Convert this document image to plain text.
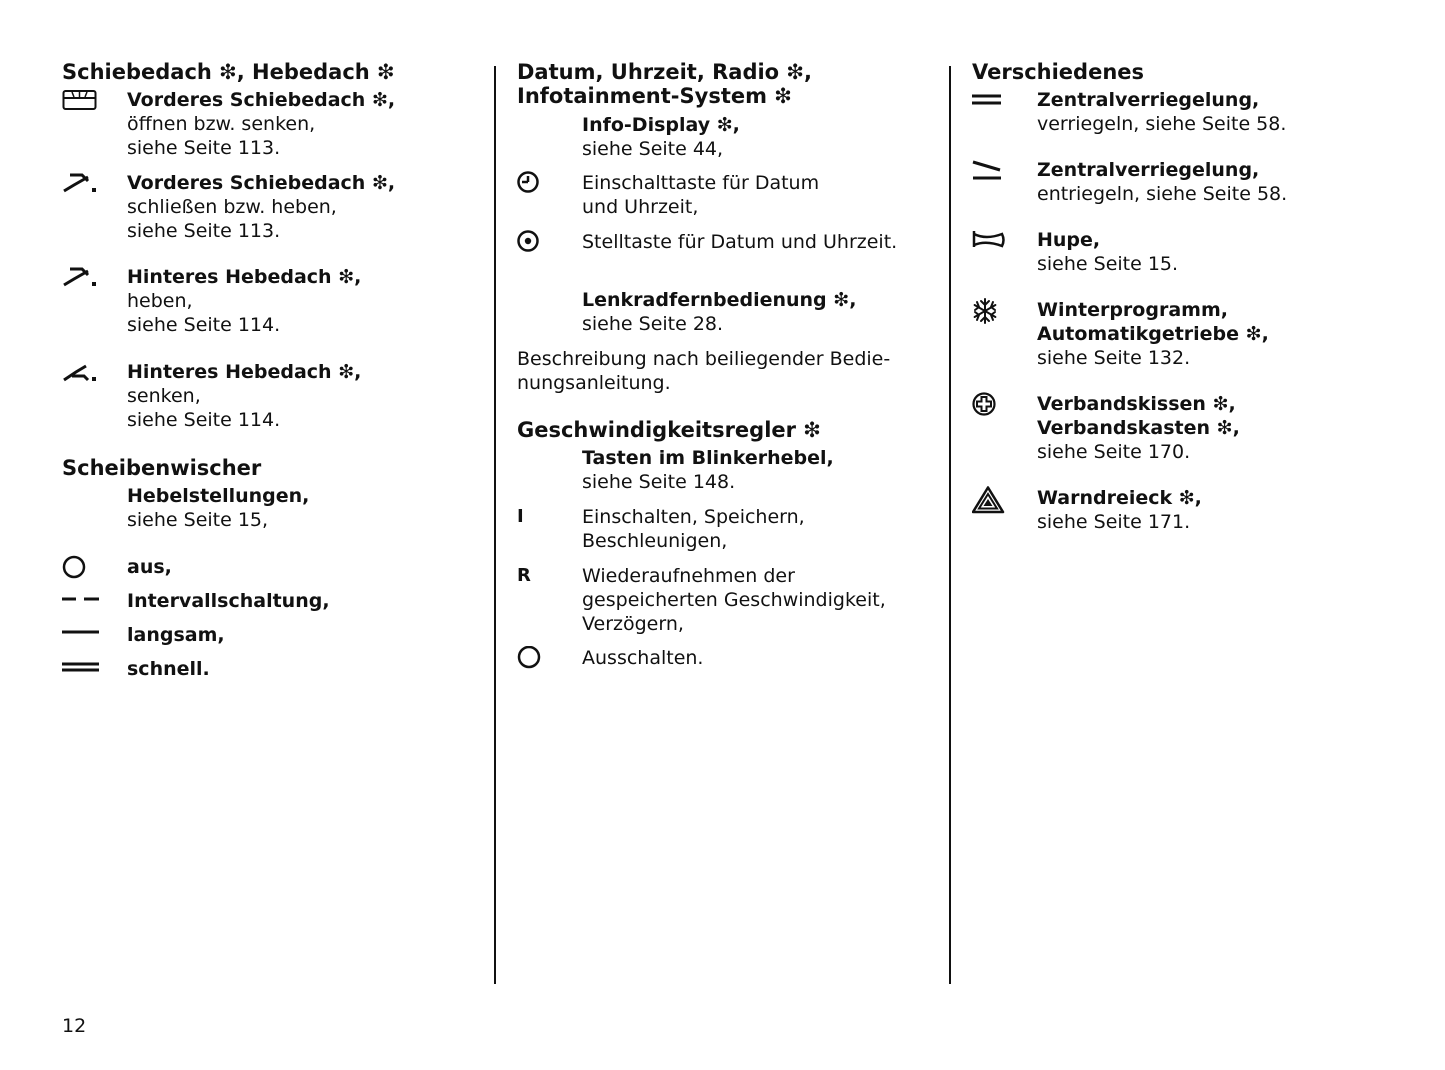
Schiebedach ❇, Hebedach ❇
Vorderes Schiebedach ❇,
öffnen bzw. senken,
siehe Seite 113.
Vorderes Schiebedach ❇,
schließen bzw. heben,
siehe Seite 113.
Hinteres Hebedach ❇,
heben,
siehe Seite 114.
Hinteres Hebedach ❇,
senken,
siehe Seite 114.
Scheibenwischer
Hebelstellungen,
siehe Seite 15,
aus,
Intervallschaltung,
langsam,
schnell.
Datum, Uhrzeit, Radio ❇,
Infotainment-System ❇
Info-Display ❇,
siehe Seite 44,
Einschalttaste für Datum
und Uhrzeit,
Stelltaste für Datum und Uhrzeit.
Lenkradfernbedienung ❇,
siehe Seite 28.
Beschreibung nach beiliegender Bedie-
nungsanleitung.
Geschwindigkeitsregler ❇
Tasten im Blinkerhebel,
siehe Seite 148.
I	Einschalten, Speichern,
Beschleunigen,
R	Wiederaufnehmen der
gespeicherten Geschwindigkeit,
Verzögern,
Ausschalten.
Verschiedenes
Zentralverriegelung,
verriegeln, siehe Seite 58.
Zentralverriegelung,
entriegeln, siehe Seite 58.
Hupe,
siehe Seite 15.
Winterprogramm,
Automatikgetriebe ❇,
siehe Seite 132.
Verbandskissen ❇,
Verbandskasten ❇,
siehe Seite 170.
Warndreieck ❇,
siehe Seite 171.
12
